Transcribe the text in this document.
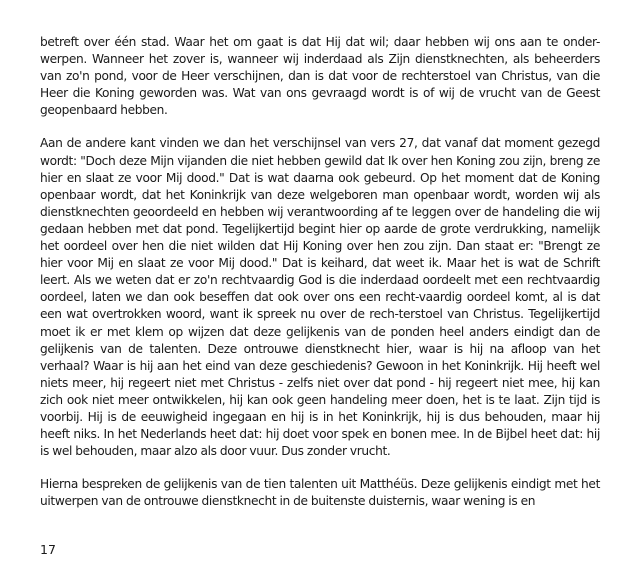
betreft over één stad. Waar het om gaat is dat Hij dat wil; daar hebben wij ons aan te onder-werpen. Wanneer het zover is, wanneer wij inderdaad als Zijn dienstknechten, als beheerders van zo'n pond, voor de Heer verschijnen, dan is dat voor de rechterstoel van Christus, van die Heer die Koning geworden was. Wat van ons gevraagd wordt is of wij de vrucht van de Geest geopenbaard hebben.

Aan de andere kant vinden we dan het verschijnsel van vers 27, dat vanaf dat moment gezegd wordt: "Doch deze Mijn vijanden die niet hebben gewild dat Ik over hen Koning zou zijn, breng ze hier en slaat ze voor Mij dood." Dat is wat daarna ook gebeurd. Op het moment dat de Koning openbaar wordt, dat het Koninkrijk van deze welgeboren man openbaar wordt, worden wij als dienstknechten geoordeeld en hebben wij verantwoording af te leggen over de handeling die wij gedaan hebben met dat pond. Tegelijkertijd begint hier op aarde de grote verdrukking, namelijk het oordeel over hen die niet wilden dat Hij Koning over hen zou zijn. Dan staat er: "Brengt ze hier voor Mij en slaat ze voor Mij dood." Dat is keihard, dat weet ik. Maar het is wat de Schrift leert. Als we weten dat er zo'n rechtvaardig God is die inderdaad oordeelt met een rechtvaardig oordeel, laten we dan ook beseffen dat ook over ons een recht-vaardig oordeel komt, al is dat een wat overtrokken woord, want ik spreek nu over de rech-terstoel van Christus. Tegelijkertijd moet ik er met klem op wijzen dat deze gelijkenis van de ponden heel anders eindigt dan de gelijkenis van de talenten. Deze ontrouwe dienstknecht hier, waar is hij na afloop van het verhaal? Waar is hij aan het eind van deze geschiedenis? Gewoon in het Koninkrijk. Hij heeft wel niets meer, hij regeert niet met Christus - zelfs niet over dat pond - hij regeert niet mee, hij kan zich ook niet meer ontwikkelen, hij kan ook geen handeling meer doen, het is te laat. Zijn tijd is voorbij. Hij is de eeuwigheid ingegaan en hij is in het Koninkrijk, hij is dus behouden, maar hij heeft niks. In het Nederlands heet dat: hij doet voor spek en bonen mee. In de Bijbel heet dat: hij is wel behouden, maar alzo als door vuur. Dus zonder vrucht.

Hierna bespreken de gelijkenis van de tien talenten uit Matthéüs. Deze gelijkenis eindigt met het uitwerpen van de ontrouwe dienstknecht in de buitenste duisternis, waar wening is en

17
